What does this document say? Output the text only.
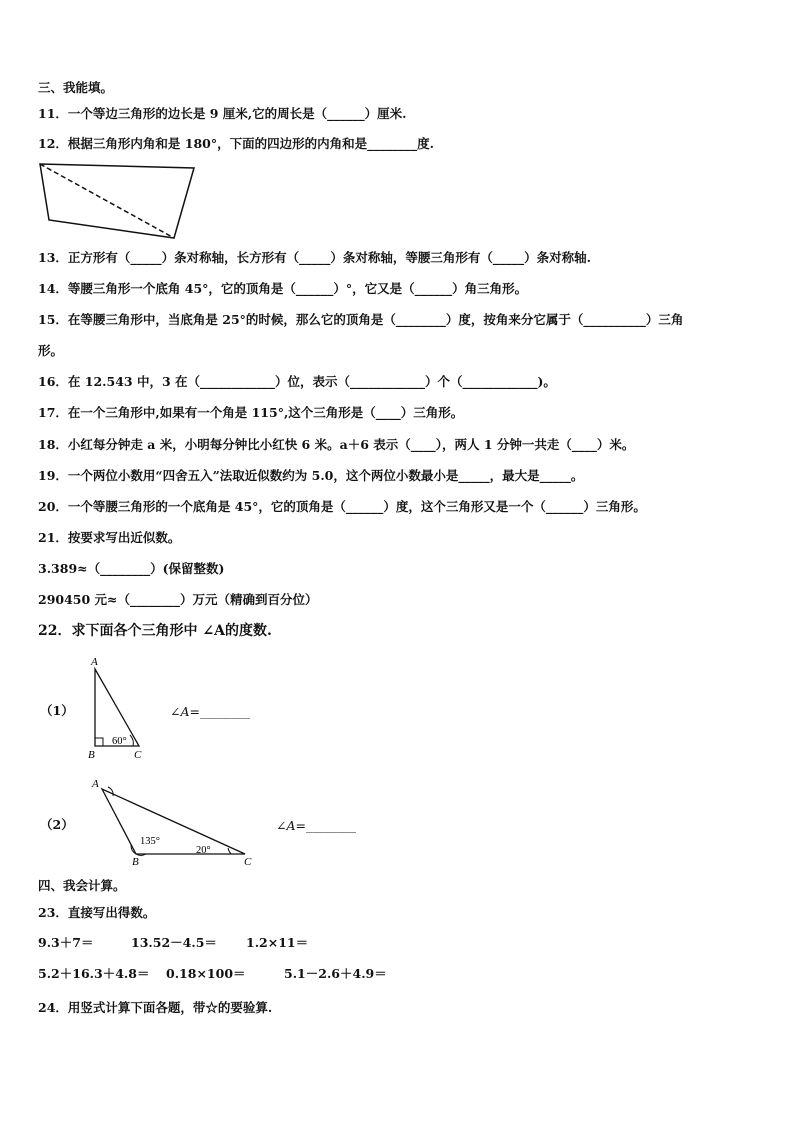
三、我能填。
11．一个等边三角形的边长是 9 厘米,它的周长是（______）厘米.
12．根据三角形内角和是 180°，下面的四边形的内角和是________度.
13．正方形有（_____）条对称轴，长方形有（_____）条对称轴，等腰三角形有（_____）条对称轴.
14．等腰三角形一个底角 45°，它的顶角是（______）°，它又是（______）角三角形。
15．在等腰三角形中，当底角是 25°的时候，那么它的顶角是（________）度，按角来分它属于（__________）三角
形。
16．在 12.543 中，3 在（____________）位，表示（____________）个（____________)。
17．在一个三角形中,如果有一个角是 115°,这个三角形是（____）三角形。
18．小红每分钟走 a 米，小明每分钟比小红快 6 米。a＋6 表示（____），两人 1 分钟一共走（____）米。
19．一个两位小数用“四舍五入”法取近似数约为 5.0，这个两位小数最小是_____，最大是_____。
20．一个等腰三角形的一个底角是 45°，它的顶角是（______）度，这个三角形又是一个（______）三角形。
21．按要求写出近似数。
3.389≈（________）(保留整数)
290450 元≈（________）万元（精确到百分位）
22．求下面各个三角形中 ∠A的度数.
（1）
A
B	C
60°
∠A=________
（2）
A
B	C
135°
20°
∠A=________
四、我会计算。
23．直接写出得数。
9.3＋7＝	13.52－4.5＝ 1.2×11＝
5.2＋16.3＋4.8＝ 0.18×100＝	5.1－2.6＋4.9＝
24．用竖式计算下面各题，带☆的要验算.
